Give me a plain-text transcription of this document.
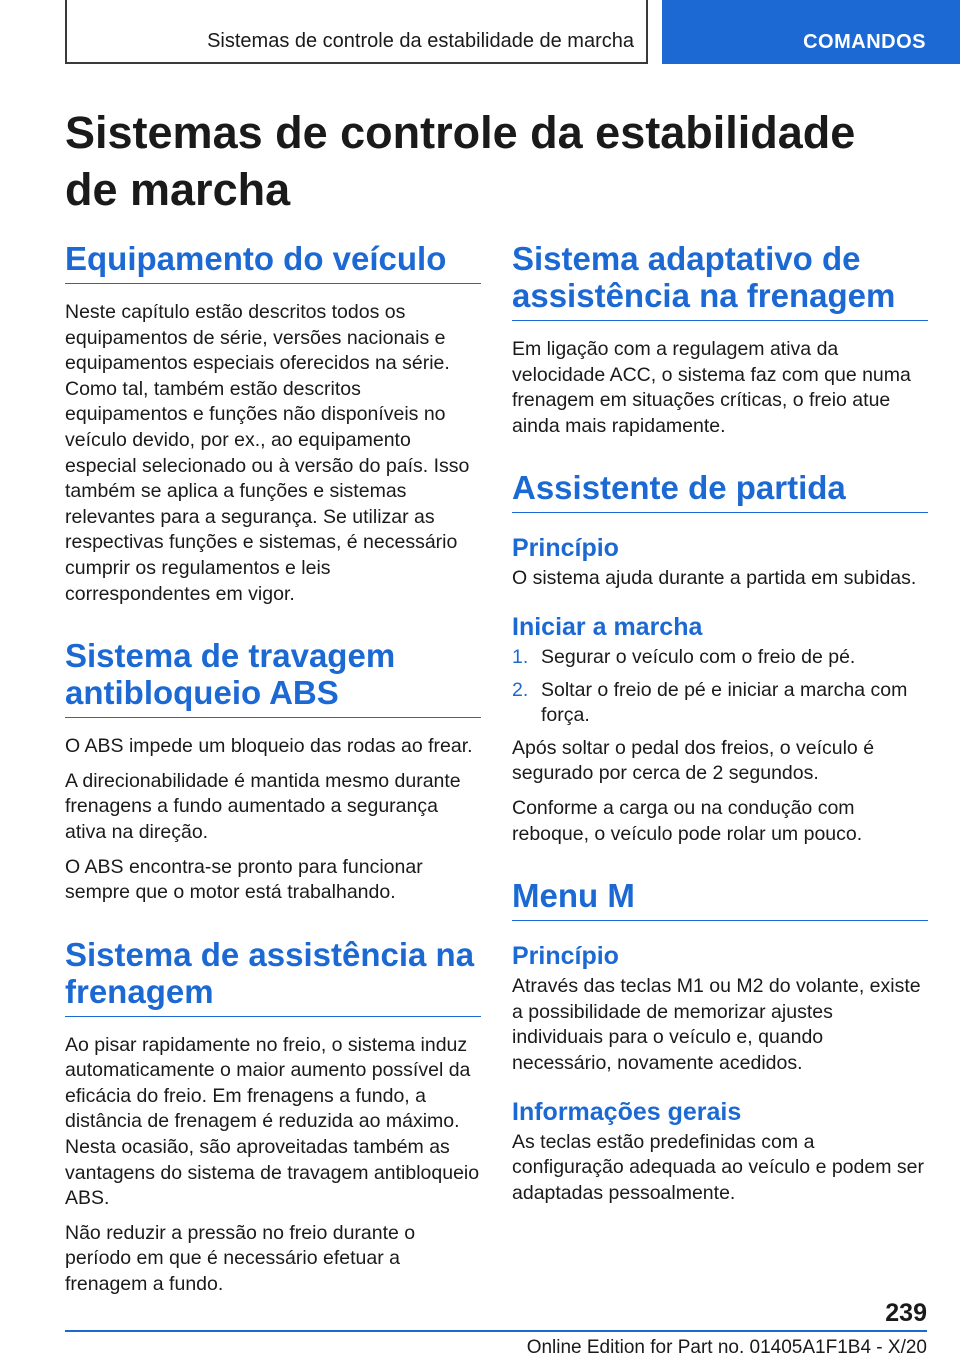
Sistemas de controle da estabilidade de marcha	COMANDOS
Sistemas de controle da estabilidade de marcha
Equipamento do veículo

Neste capítulo estão descritos todos os equipamentos de série, versões nacionais e equipamentos especiais oferecidos na série. Como tal, também estão descritos equipamentos e funções não disponíveis no veículo devido, por ex., ao equipamento especial selecionado ou à versão do país. Isso também se aplica a funções e sistemas relevantes para a segurança. Se utilizar as respectivas funções e sistemas, é necessário cumprir os regulamentos e leis correspondentes em vigor.

Sistema de travagem antibloqueio ABS

O ABS impede um bloqueio das rodas ao frear.

A direcionabilidade é mantida mesmo durante frenagens a fundo aumentado a segurança ativa na direção.

O ABS encontra-se pronto para funcionar sempre que o motor está trabalhando.

Sistema de assistência na frenagem

Ao pisar rapidamente no freio, o sistema induz automaticamente o maior aumento possível da eficácia do freio. Em frenagens a fundo, a distância de frenagem é reduzida ao máximo. Nesta ocasião, são aproveitadas também as vantagens do sistema de travagem antibloqueio ABS.

Não reduzir a pressão no freio durante o período em que é necessário efetuar a frenagem a fundo.

Sistema adaptativo de assistência na frenagem

Em ligação com a regulagem ativa da velocidade ACC, o sistema faz com que numa frenagem em situações críticas, o freio atue ainda mais rapidamente.

Assistente de partida
Princípio

O sistema ajuda durante a partida em subidas.

Iniciar a marcha
1. Segurar o veículo com o freio de pé.
2. Soltar o freio de pé e iniciar a marcha com força.

Após soltar o pedal dos freios, o veículo é segurado por cerca de 2 segundos.

Conforme a carga ou na condução com reboque, o veículo pode rolar um pouco.

Menu M
Princípio

Através das teclas M1 ou M2 do volante, existe a possibilidade de memorizar ajustes individuais para o veículo e, quando necessário, novamente acedidos.

Informações gerais

As teclas estão predefinidas com a configuração adequada ao veículo e podem ser adaptadas pessoalmente.

239
Online Edition for Part no. 01405A1F1B4 - X/20
